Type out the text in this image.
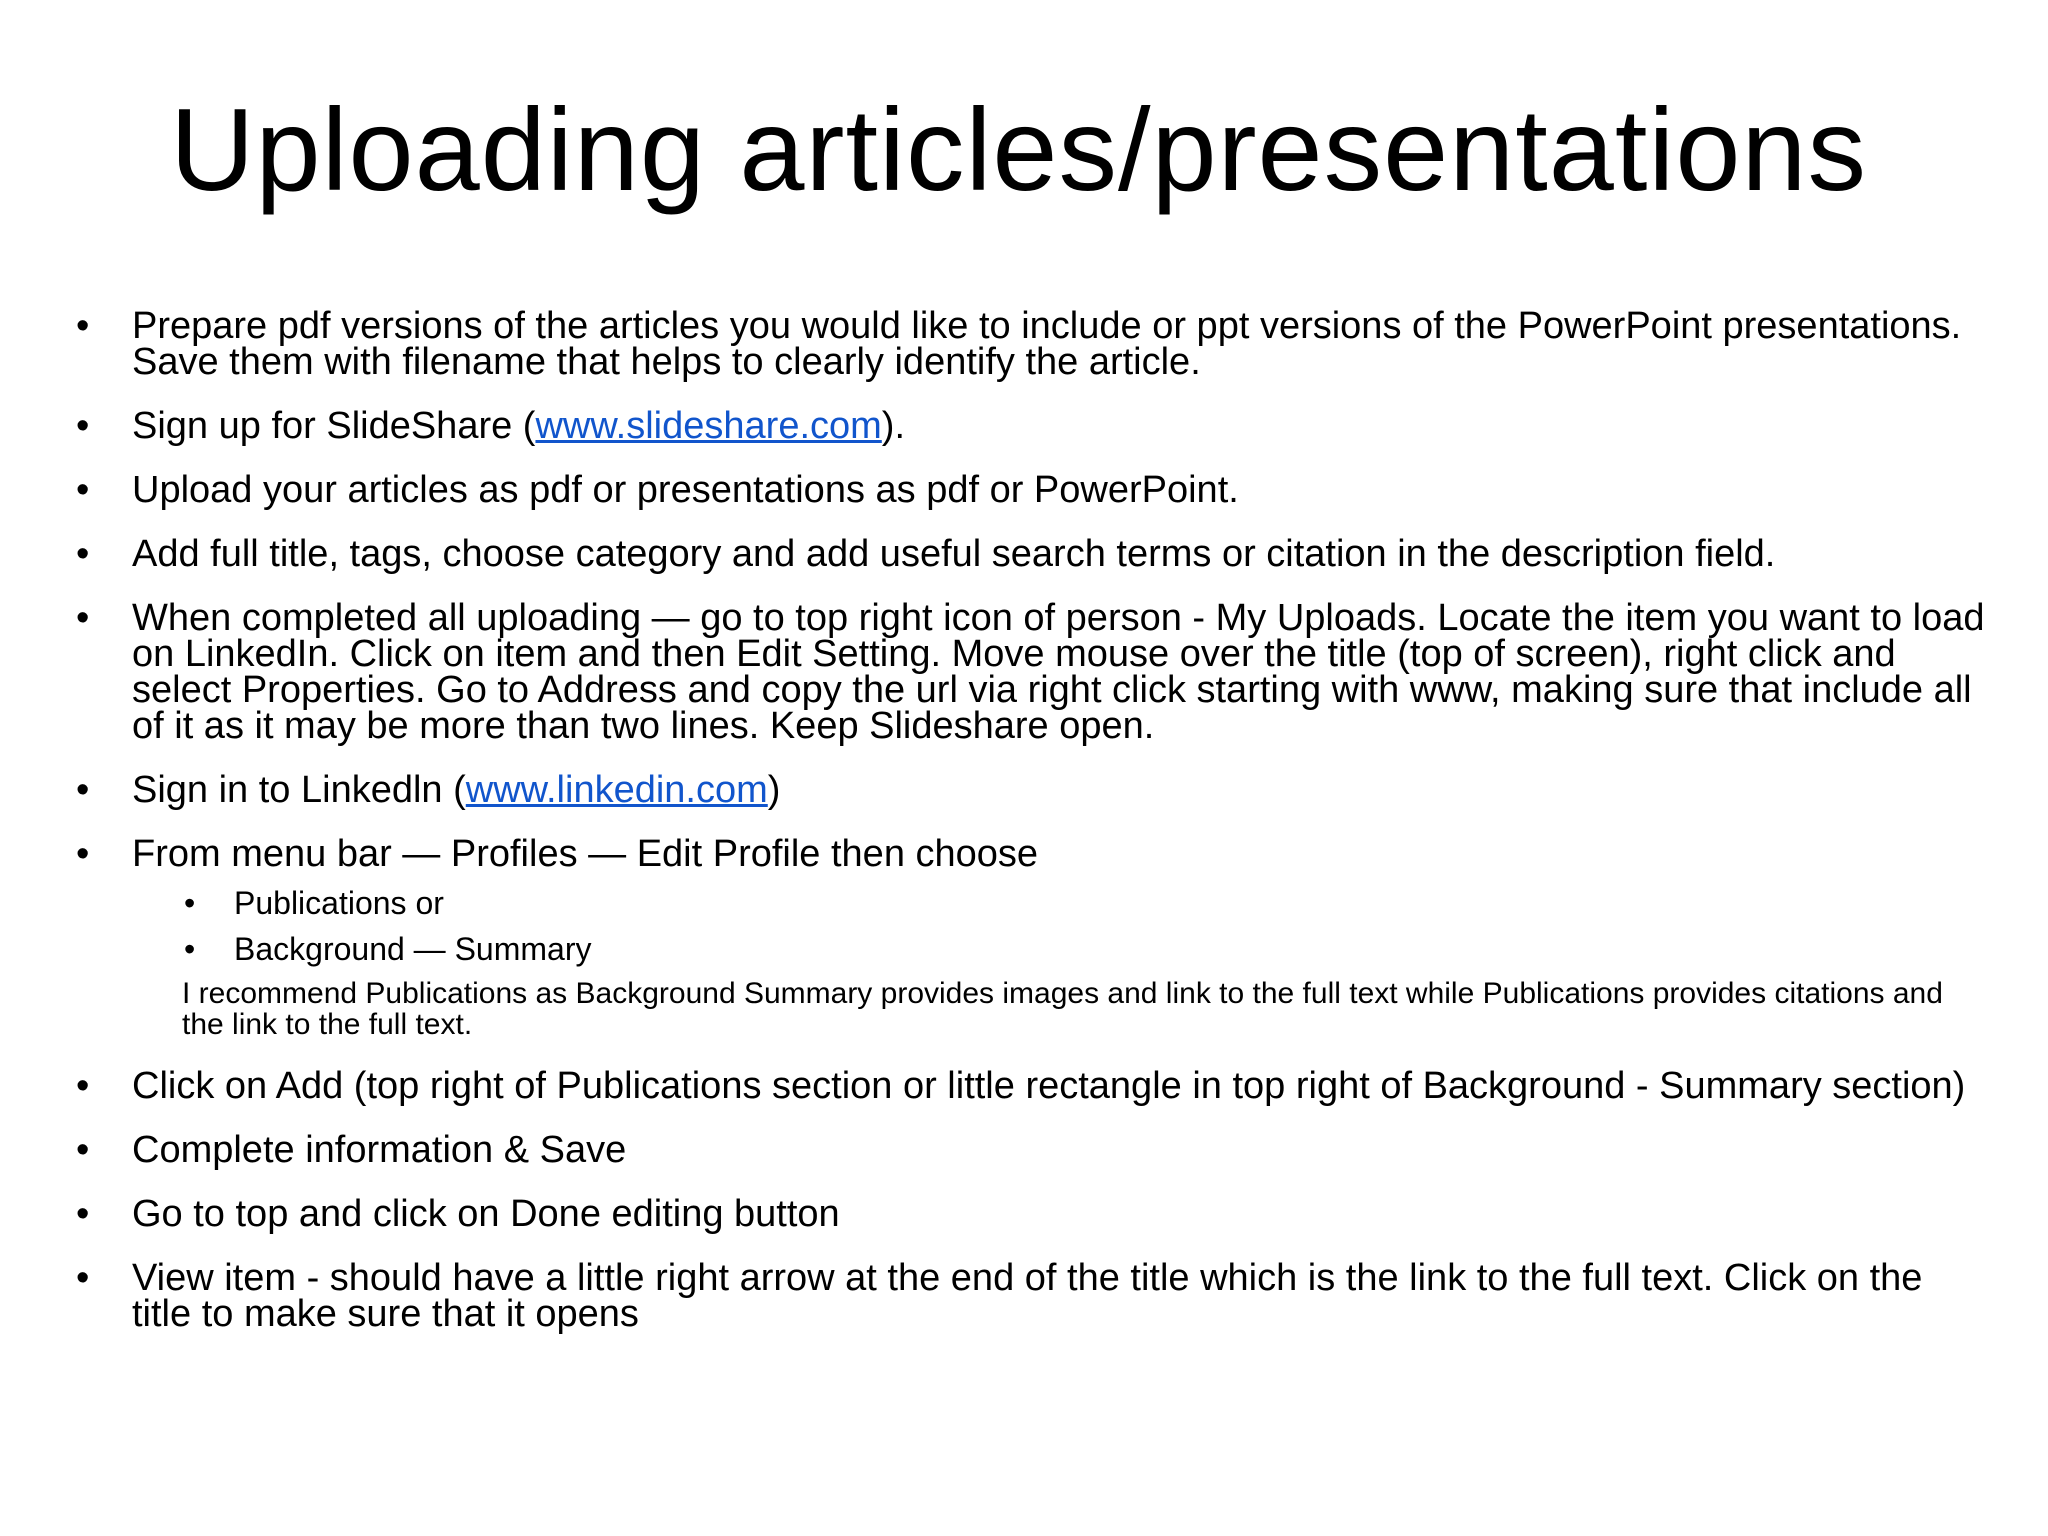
Uploading articles/presentations
• Prepare pdf versions of the articles you would like to include or ppt versions of the PowerPoint presentations. Save them with filename that helps to clearly identify the article.
• Sign up for SlideShare (www.slideshare.com).
• Upload your articles as pdf or presentations as pdf or PowerPoint.
• Add full title, tags, choose category and add useful search terms or citation in the description field.
• When completed all uploading — go to top right icon of person - My Uploads. Locate the item you want to load on LinkedIn. Click on item and then Edit Setting. Move mouse over the title (top of screen), right click and select Properties. Go to Address and copy the url via right click starting with www, making sure that include all of it as it may be more than two lines. Keep Slideshare open.
• Sign in to Linkedln (www.linkedin.com)
• From menu bar — Profiles — Edit Profile then choose
• Publications or
• Background — Summary
I recommend Publications as Background Summary provides images and link to the full text while Publications provides citations and the link to the full text.
• Click on Add (top right of Publications section or little rectangle in top right of Background - Summary section)
• Complete information & Save
• Go to top and click on Done editing button
• View item - should have a little right arrow at the end of the title which is the link to the full text. Click on the title to make sure that it opens
